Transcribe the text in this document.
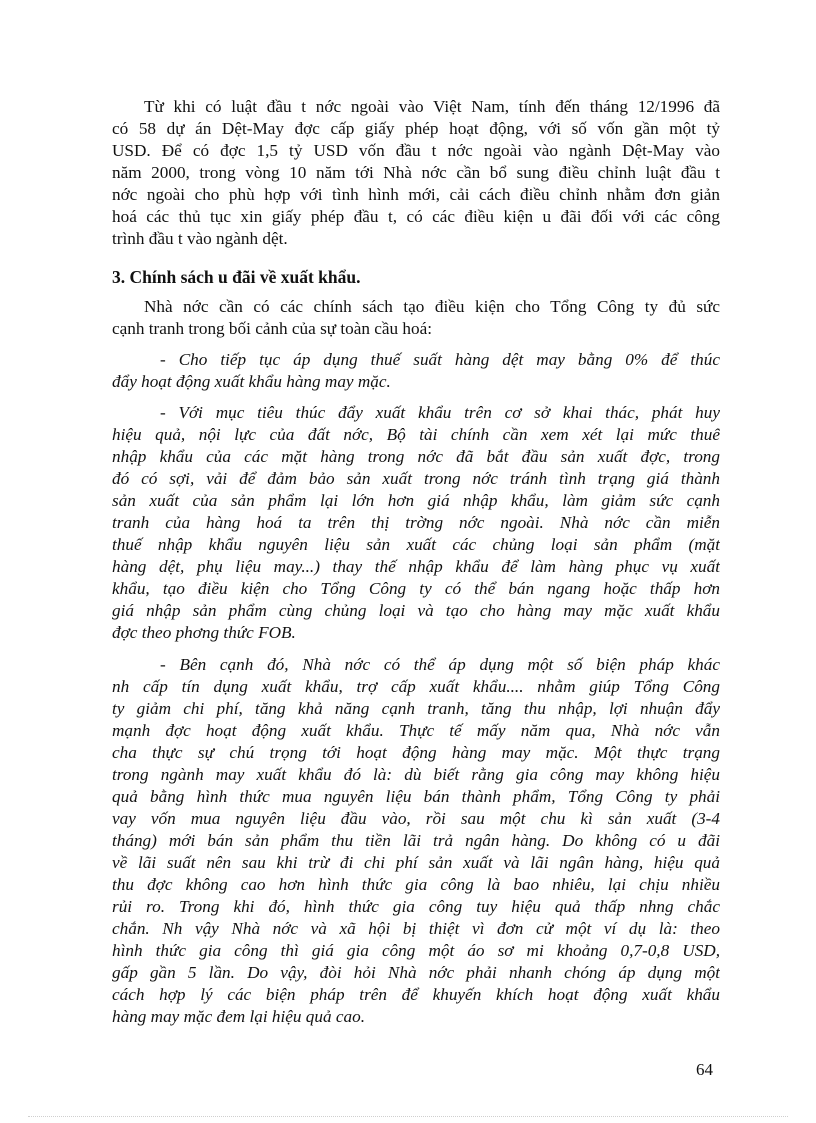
Từ khi có luật đầu t nớc ngoài vào Việt Nam, tính đến tháng 12/1996 đã
có 58 dự án Dệt-May đợc cấp giấy phép hoạt động, với số vốn gần một tỷ
USD. Để có đợc 1,5 tỷ USD vốn đầu t nớc ngoài vào ngành Dệt-May vào
năm 2000, trong vòng 10 năm tới Nhà nớc cần bổ sung điều chỉnh luật đầu t
nớc ngoài cho phù hợp với tình hình mới, cải cách điều chỉnh nhằm đơn giản
hoá các thủ tục xin giấy phép đầu t, có các điều kiện u đãi đối với các công
trình đầu t vào ngành dệt.
3. Chính sách u đãi về xuất khẩu.
Nhà nớc cần có các chính sách tạo điều kiện cho Tổng Công ty đủ sức
cạnh tranh trong bối cảnh của sự toàn cầu hoá:
- Cho tiếp tục áp dụng thuế suất hàng dệt may bằng 0% để thúc
đẩy hoạt động xuất khẩu hàng may mặc.
- Với mục tiêu thúc đẩy xuất khẩu trên cơ sở khai thác, phát huy
hiệu quả, nội lực của đất nớc, Bộ tài chính cần xem xét lại mức thuế
nhập khẩu của các mặt hàng trong nớc đã bắt đầu sản xuất đợc, trong
đó có sợi, vải để đảm bảo sản xuất trong nớc tránh tình trạng giá thành
sản xuất của sản phẩm lại lớn hơn giá nhập khẩu, làm giảm sức cạnh
tranh của hàng hoá ta trên thị trờng nớc ngoài. Nhà nớc cần miễn
thuế nhập khẩu nguyên liệu sản xuất các chủng loại sản phẩm (mặt
hàng dệt, phụ liệu may...) thay thế nhập khẩu để làm hàng phục vụ xuất
khẩu, tạo điều kiện cho Tổng Công ty có thể bán ngang hoặc thấp hơn
giá nhập sản phẩm cùng chủng loại và tạo cho hàng may mặc xuất khẩu
đợc theo phơng thức FOB.
- Bên cạnh đó, Nhà nớc có thể áp dụng một số biện pháp khác
nh cấp tín dụng xuất khẩu, trợ cấp xuất khẩu.... nhằm giúp Tổng Công
ty giảm chi phí, tăng khả năng cạnh tranh, tăng thu nhập, lợi nhuận đẩy
mạnh đợc hoạt động xuất khẩu. Thực tế mấy năm qua, Nhà nớc vẫn
cha thực sự chú trọng tới hoạt động hàng may mặc. Một thực trạng
trong ngành may xuất khẩu đó là: dù biết rằng gia công may không hiệu
quả bằng hình thức mua nguyên liệu bán thành phẩm, Tổng Công ty phải
vay vốn mua nguyên liệu đầu vào, rồi sau một chu kì sản xuất (3-4
tháng) mới bán sản phẩm thu tiền lãi trả ngân hàng. Do không có u đãi
về lãi suất nên sau khi trừ đi chi phí sản xuất và lãi ngân hàng, hiệu quả
thu đợc không cao hơn hình thức gia công là bao nhiêu, lại chịu nhiều
rủi ro. Trong khi đó, hình thức gia công tuy hiệu quả thấp nhng chắc
chắn. Nh vậy Nhà nớc và xã hội bị thiệt vì đơn cử một ví dụ là: theo
hình thức gia công thì giá gia công một áo sơ mi khoảng 0,7-0,8 USD,
gấp gần 5 lần. Do vậy, đòi hỏi Nhà nớc phải nhanh chóng áp dụng một
cách hợp lý các biện pháp trên để khuyến khích hoạt động xuất khẩu
hàng may mặc đem lại hiệu quả cao.
64
